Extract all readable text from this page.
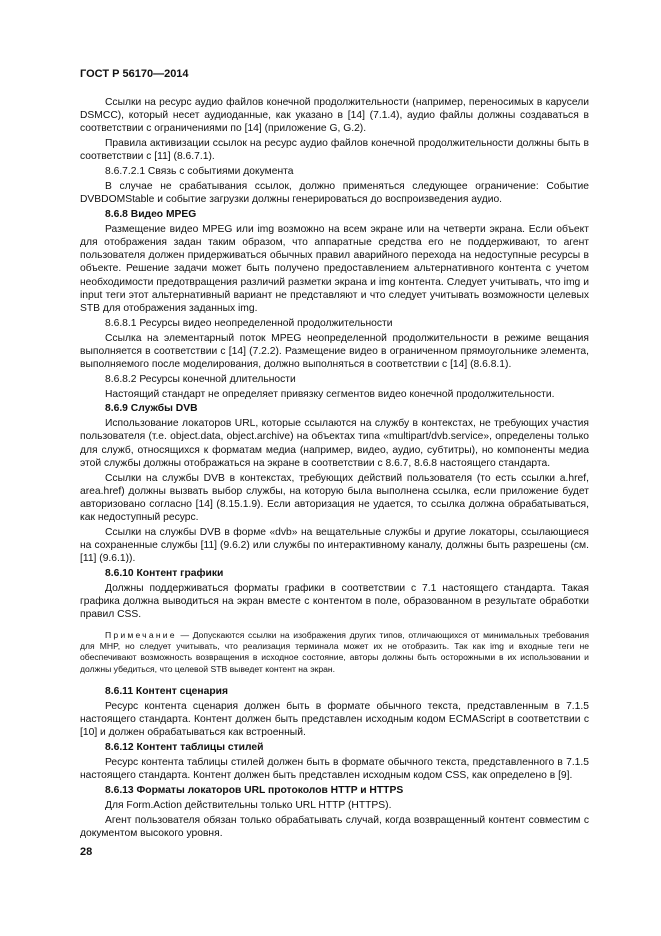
ГОСТ Р 56170—2014

Ссылки на ресурс аудио файлов конечной продолжительности (например, переносимых в карусели DSMCC), который несет аудиоданные, как указано в [14] (7.1.4), аудио файлы должны создаваться в соответствии с ограничениями по [14] (приложение G, G.2).

Правила активизации ссылок на ресурс аудио файлов конечной продолжительности должны быть в соответствии с [11] (8.6.7.1).

8.6.7.2.1 Связь с событиями документа

В случае не срабатывания ссылок, должно применяться следующее ограничение: Событие DVBDOMStable и событие загрузки должны генерироваться до воспроизведения аудио.

8.6.8 Видео MPEG

Размещение видео MPEG или img возможно на всем экране или на четверти экрана. Если объект для отображения задан таким образом, что аппаратные средства его не поддерживают, то агент пользователя должен придерживаться обычных правил аварийного перехода на недоступные ресурсы в объекте. Решение задачи может быть получено предоставлением альтернативного контента с учетом необходимости предотвращения различий разметки экрана и img контента. Следует учитывать, что img и input теги этот альтернативный вариант не представляют и что следует учитывать возможности целевых STB для отображения заданных img.

8.6.8.1 Ресурсы видео неопределенной продолжительности

Ссылка на элементарный поток MPEG неопределенной продолжительности в режиме вещания выполняется в соответствии с [14] (7.2.2). Размещение видео в ограниченном прямоугольнике элемента, выполняемого после моделирования, должно выполняться в соответствии с [14] (8.6.8.1).

8.6.8.2 Ресурсы конечной длительности

Настоящий стандарт не определяет привязку сегментов видео конечной продолжительности.

8.6.9 Службы DVB

Использование локаторов URL, которые ссылаются на службу в контекстах, не требующих участия пользователя (т.е. object.data, object.archive) на объектах типа «multipart/dvb.service», определены только для служб, относящихся к форматам медиа (например, видео, аудио, субтитры), но компоненты медиа этой службы должны отображаться на экране в соответствии с 8.6.7, 8.6.8 настоящего стандарта.

Ссылки на службы DVB в контекстах, требующих действий пользователя (то есть ссылки a.href, area.href) должны вызвать выбор службы, на которую была выполнена ссылка, если приложение будет авторизовано согласно [14] (8.15.1.9). Если авторизация не удается, то ссылка должна обрабатываться, как недоступный ресурс.

Ссылки на службы DVB в форме «dvb» на вещательные службы и другие локаторы, ссылающиеся на сохраненные службы [11] (9.6.2) или службы по интерактивному каналу, должны быть разрешены (см. [11] (9.6.1)).

8.6.10 Контент графики

Должны поддерживаться форматы графики в соответствии с 7.1 настоящего стандарта. Такая графика должна выводиться на экран вместе с контентом в поле, образованном в результате обработки правил CSS.

Примечание — Допускаются ссылки на изображения других типов, отличающихся от минимальных требования для MHP, но следует учитывать, что реализация терминала может их не отобразить. Так как img и входные теги не обеспечивают возможность возвращения в исходное состояние, авторы должны быть осторожными в их использовании и должны убедиться, что целевой STB выведет контент на экран.

8.6.11 Контент сценария

Ресурс контента сценария должен быть в формате обычного текста, представленным в 7.1.5 настоящего стандарта. Контент должен быть представлен исходным кодом ECMAScript в соответствии с [10] и должен обрабатываться как встроенный.

8.6.12 Контент таблицы стилей

Ресурс контента таблицы стилей должен быть в формате обычного текста, представленного в 7.1.5 настоящего стандарта. Контент должен быть представлен исходным кодом CSS, как определено в [9].

8.6.13 Форматы локаторов URL протоколов HTTP и HTTPS

Для Form.Action действительны только URL HTTP (HTTPS).

Агент пользователя обязан только обрабатывать случай, когда возвращенный контент совместим с документом высокого уровня.

28
